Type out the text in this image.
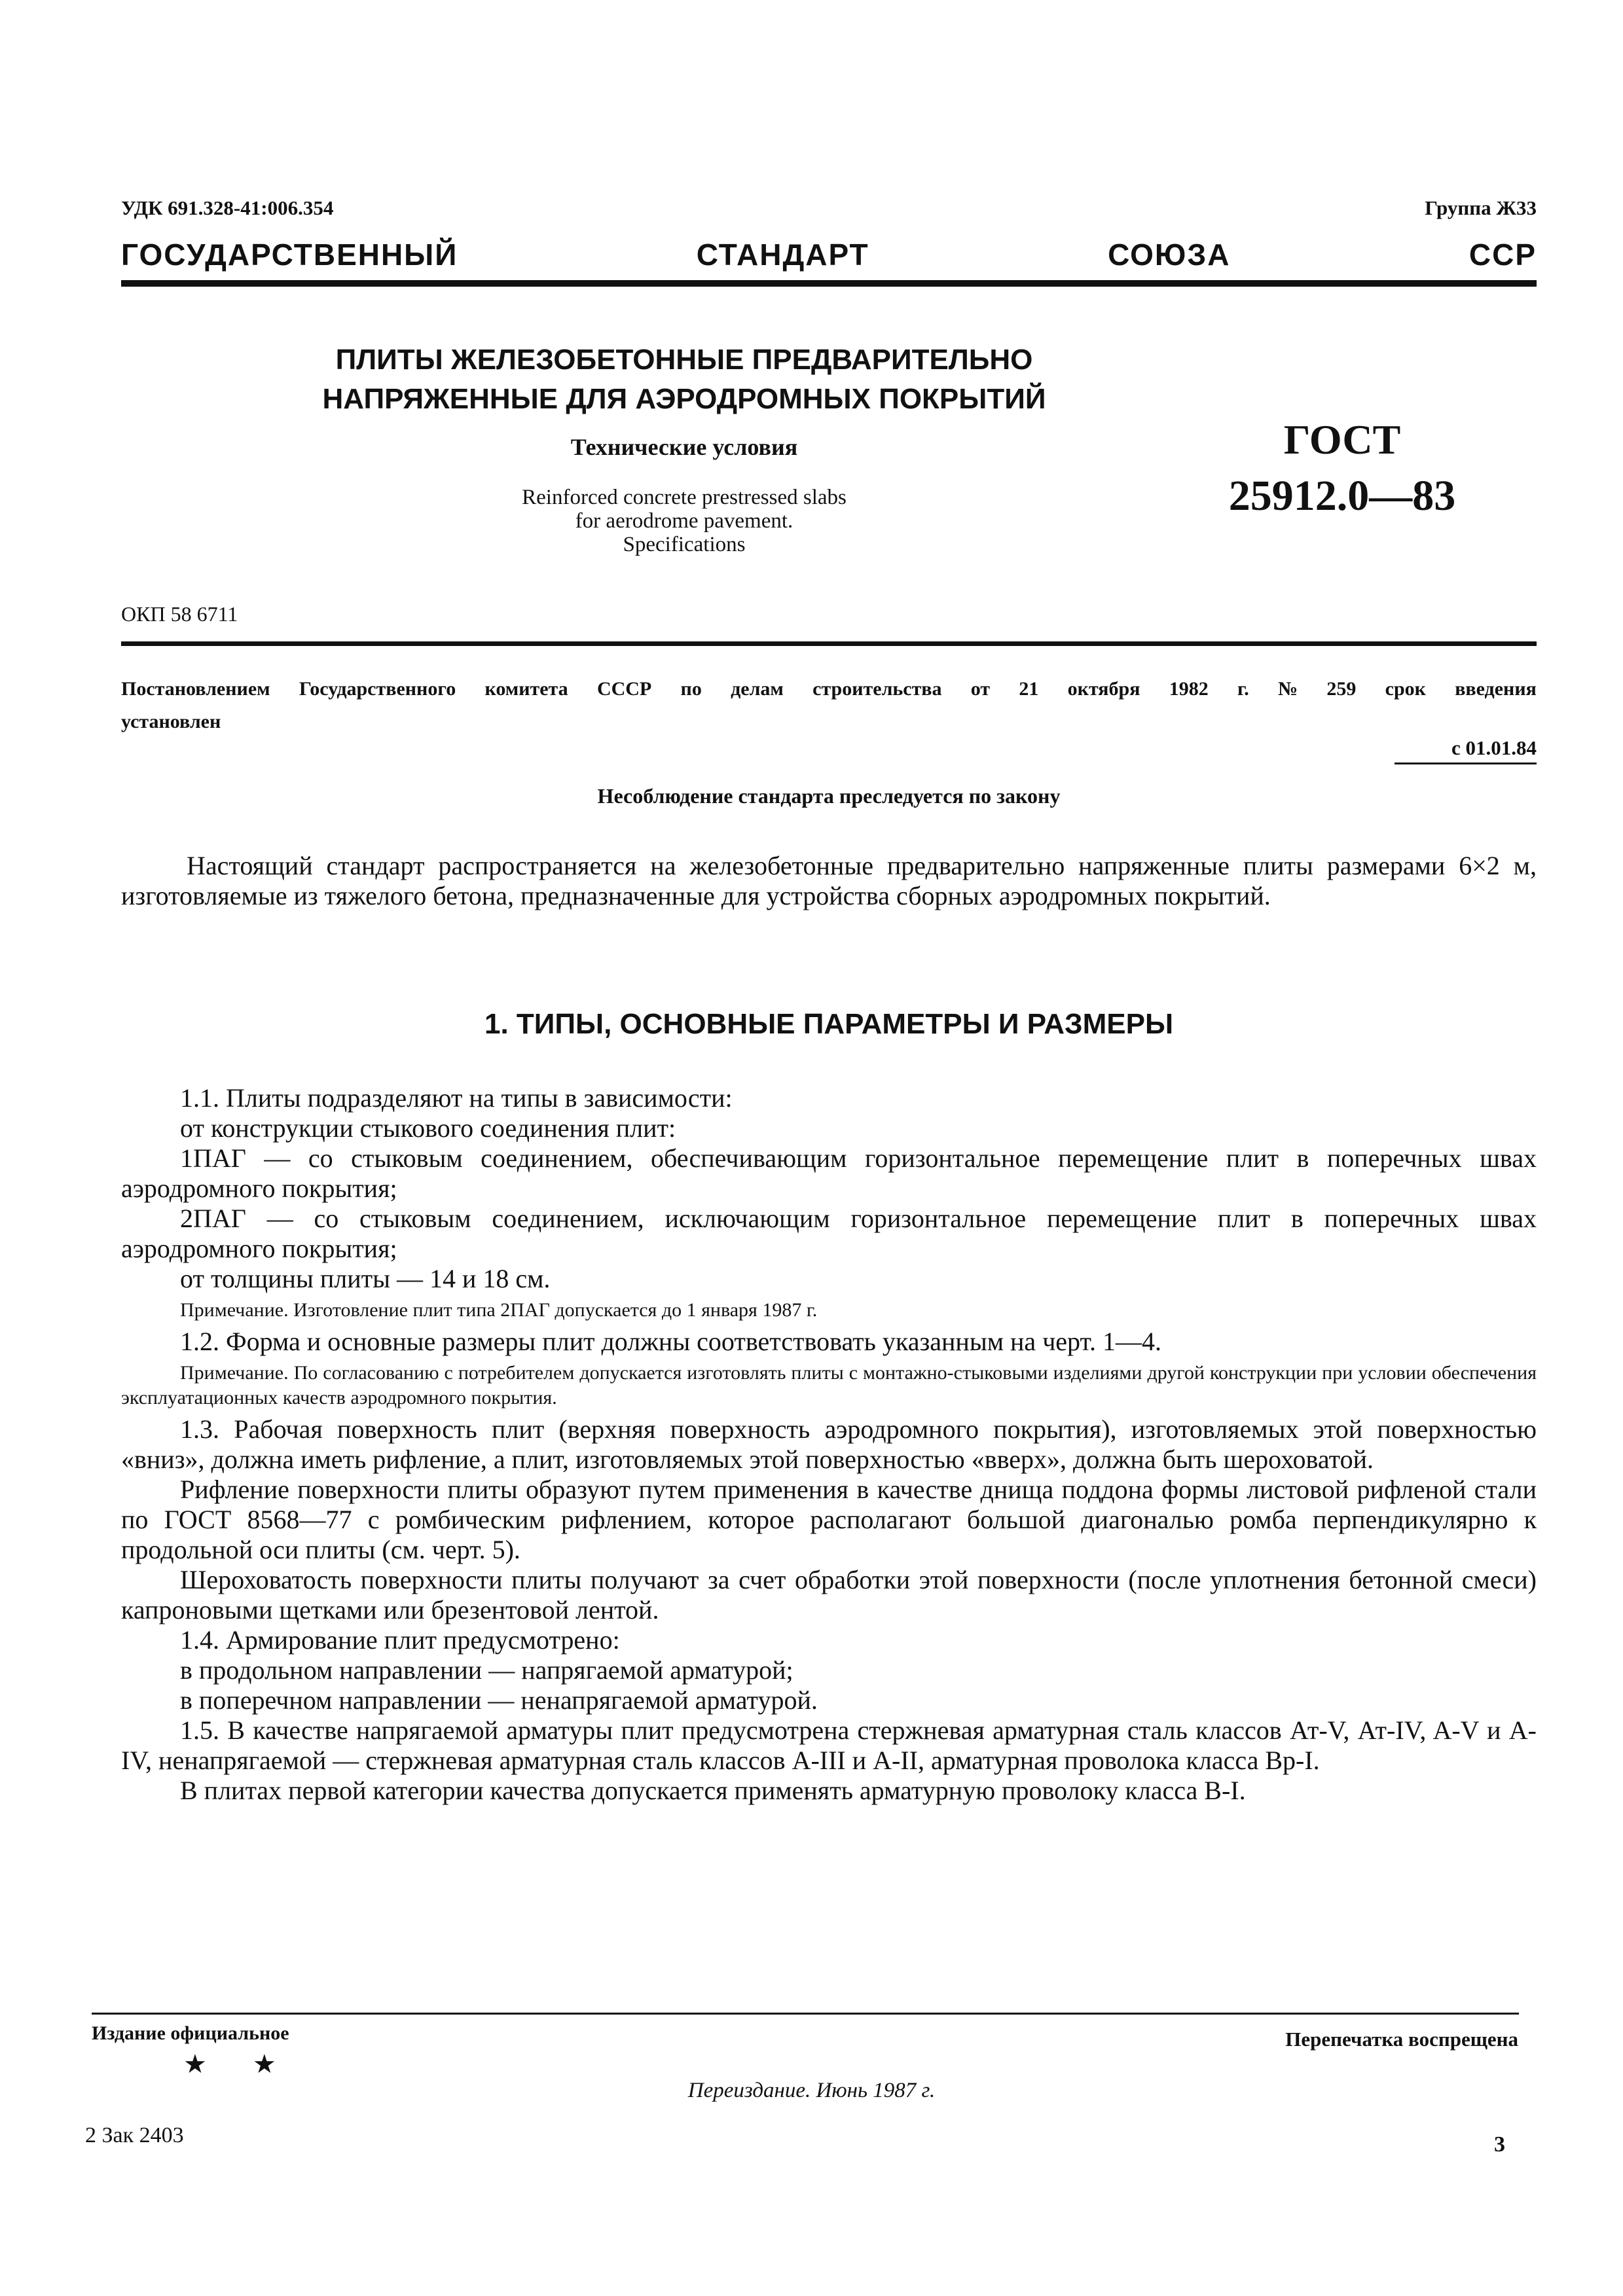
УДК 691.328-41:006.354	Группа Ж33
ГОСУДАРСТВЕННЫЙ	СТАНДАРТ	СОЮЗА	ССР
ПЛИТЫ ЖЕЛЕЗОБЕТОННЫЕ ПРЕДВАРИТЕЛЬНО
НАПРЯЖЕННЫЕ ДЛЯ АЭРОДРОМНЫХ ПОКРЫТИЙ
Технические условия
Reinforced concrete prestressed slabs
for aerodrome pavement.
Specifications
ГОСТ
25912.0—83
ОКП 58 6711
Постановлением Государственного комитета СССР по делам строительства от 21 октября 1982 г. № 259 срок введения
установлен
с 01.01.84
Несоблюдение стандарта преследуется по закону

Настоящий стандарт распространяется на железобетонные предварительно напряженные плиты размерами 6×2 м, изготовляемые из тяжелого бетона, предназначенные для устройства сборных аэродромных покрытий.

1. ТИПЫ, ОСНОВНЫЕ ПАРАМЕТРЫ И РАЗМЕРЫ

1.1. Плиты подразделяют на типы в зависимости:

от конструкции стыкового соединения плит:

1ПАГ — со стыковым соединением, обеспечивающим горизонтальное перемещение плит в поперечных швах аэродромного покрытия;

2ПАГ — со стыковым соединением, исключающим горизонтальное перемещение плит в поперечных швах аэродромного покрытия;

от толщины плиты — 14 и 18 см.

Примечание. Изготовление плит типа 2ПАГ допускается до 1 января 1987 г.

1.2. Форма и основные размеры плит должны соответствовать указанным на черт. 1—4.

Примечание. По согласованию с потребителем допускается изготовлять плиты с монтажно-стыковыми изделиями другой конструкции при условии обеспечения эксплуатационных качеств аэродромного покрытия.

1.3. Рабочая поверхность плит (верхняя поверхность аэродромного покрытия), изготовляемых этой поверхностью «вниз», должна иметь рифление, а плит, изготовляемых этой поверхностью «вверх», должна быть шероховатой.

Рифление поверхности плиты образуют путем применения в качестве днища поддона формы листовой рифленой стали по ГОСТ 8568—77 с ромбическим рифлением, которое располагают большой диагональю ромба перпендикулярно к продольной оси плиты (см. черт. 5).

Шероховатость поверхности плиты получают за счет обработки этой поверхности (после уплотнения бетонной смеси) капроновыми щетками или брезентовой лентой.

1.4. Армирование плит предусмотрено:

в продольном направлении — напрягаемой арматурой;

в поперечном направлении — ненапрягаемой арматурой.

1.5. В качестве напрягаемой арматуры плит предусмотрена стержневая арматурная сталь классов Ат-V, Ат-IV, A-V и A-IV, ненапрягаемой — стержневая арматурная сталь классов A-III и A-II, арматурная проволока класса Вр-I.

В плитах первой категории качества допускается применять арматурную проволоку класса B-I.

Издание официальное
★ ★
Перепечатка воспрещена
Переиздание. Июнь 1987 г.
2 Зак 2403	3
